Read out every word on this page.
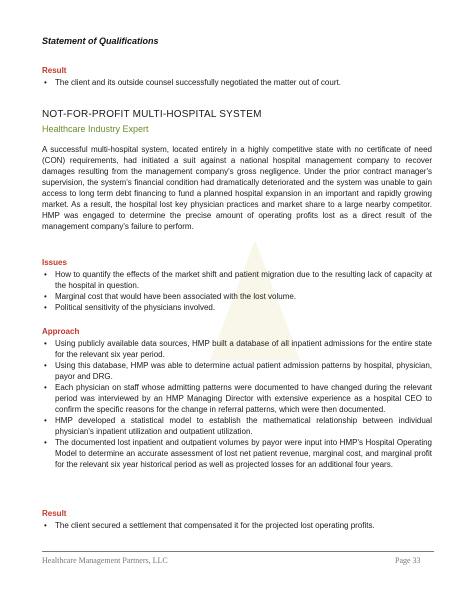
Statement of Qualifications
Result
• The client and its outside counsel successfully negotiated the matter out of court.
NOT-FOR-PROFIT MULTI-HOSPITAL SYSTEM
Healthcare Industry Expert
A successful multi-hospital system, located entirely in a highly competitive state with no certificate of need (CON) requirements, had initiated a suit against a national hospital management company to recover damages resulting from the management company's gross negligence. Under the prior contract manager's supervision, the system's financial condition had dramatically deteriorated and the system was unable to gain access to long term debt financing to fund a planned hospital expansion in an important and rapidly growing market. As a result, the hospital lost key physician practices and market share to a large nearby competitor. HMP was engaged to determine the precise amount of operating profits lost as a direct result of the management company's failure to perform.
Issues
• How to quantify the effects of the market shift and patient migration due to the resulting lack of capacity at the hospital in question.
• Marginal cost that would have been associated with the lost volume.
• Political sensitivity of the physicians involved.
Approach
• Using publicly available data sources, HMP built a database of all inpatient admissions for the entire state for the relevant six year period.
• Using this database, HMP was able to determine actual patient admission patterns by hospital, physician, payor and DRG.
• Each physician on staff whose admitting patterns were documented to have changed during the relevant period was interviewed by an HMP Managing Director with extensive experience as a hospital CEO to confirm the specific reasons for the change in referral patterns, which were then documented.
• HMP developed a statistical model to establish the mathematical relationship between individual physician's inpatient utilization and outpatient utilization.
• The documented lost inpatient and outpatient volumes by payor were input into HMP's Hospital Operating Model to determine an accurate assessment of lost net patient revenue, marginal cost, and marginal profit for the relevant six year historical period as well as projected losses for an additional four years.
Result
• The client secured a settlement that compensated it for the projected lost operating profits.
Healthcare Management Partners, LLC	Page 33
